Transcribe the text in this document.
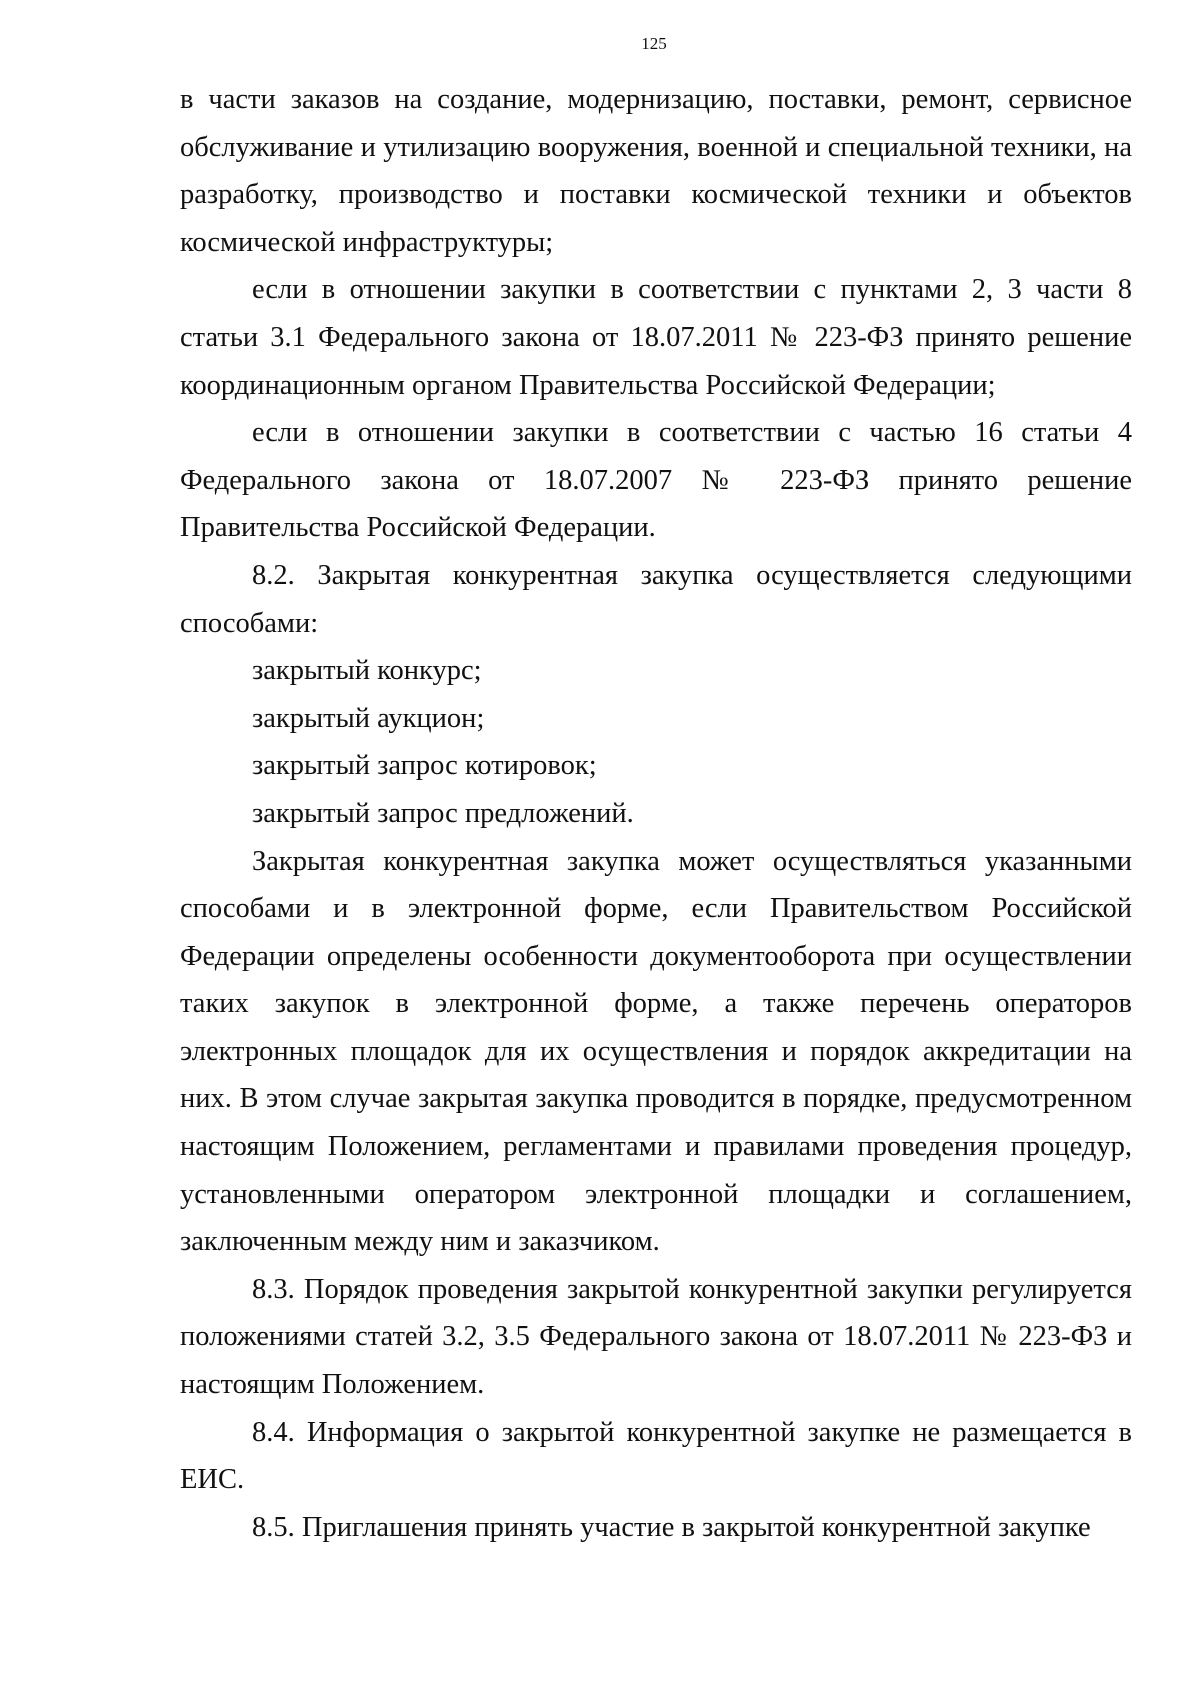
125

в части заказов на создание, модернизацию, поставки, ремонт, сервисное обслуживание и утилизацию вооружения, военной и специальной техники, на разработку, производство и поставки космической техники и объектов космической инфраструктуры;

если в отношении закупки в соответствии с пунктами 2, 3 части 8 статьи 3.1 Федерального закона от 18.07.2011 № 223-ФЗ принято решение координационным органом Правительства Российской Федерации;

если в отношении закупки в соответствии с частью 16 статьи 4 Федерального закона от 18.07.2007 № 223-ФЗ принято решение Правительства Российской Федерации.

8.2. Закрытая конкурентная закупка осуществляется следующими способами:

закрытый конкурс;

закрытый аукцион;

закрытый запрос котировок;

закрытый запрос предложений.

Закрытая конкурентная закупка может осуществляться указанными способами и в электронной форме, если Правительством Российской Федерации определены особенности документооборота при осуществлении таких закупок в электронной форме, а также перечень операторов электронных площадок для их осуществления и порядок аккредитации на них. В этом случае закрытая закупка проводится в порядке, предусмотренном настоящим Положением, регламентами и правилами проведения процедур, установленными оператором электронной площадки и соглашением, заключенным между ним и заказчиком.

8.3. Порядок проведения закрытой конкурентной закупки регулируется положениями статей 3.2, 3.5 Федерального закона от 18.07.2011 № 223-ФЗ и настоящим Положением.

8.4. Информация о закрытой конкурентной закупке не размещается в ЕИС.

8.5. Приглашения принять участие в закрытой конкурентной закупке
